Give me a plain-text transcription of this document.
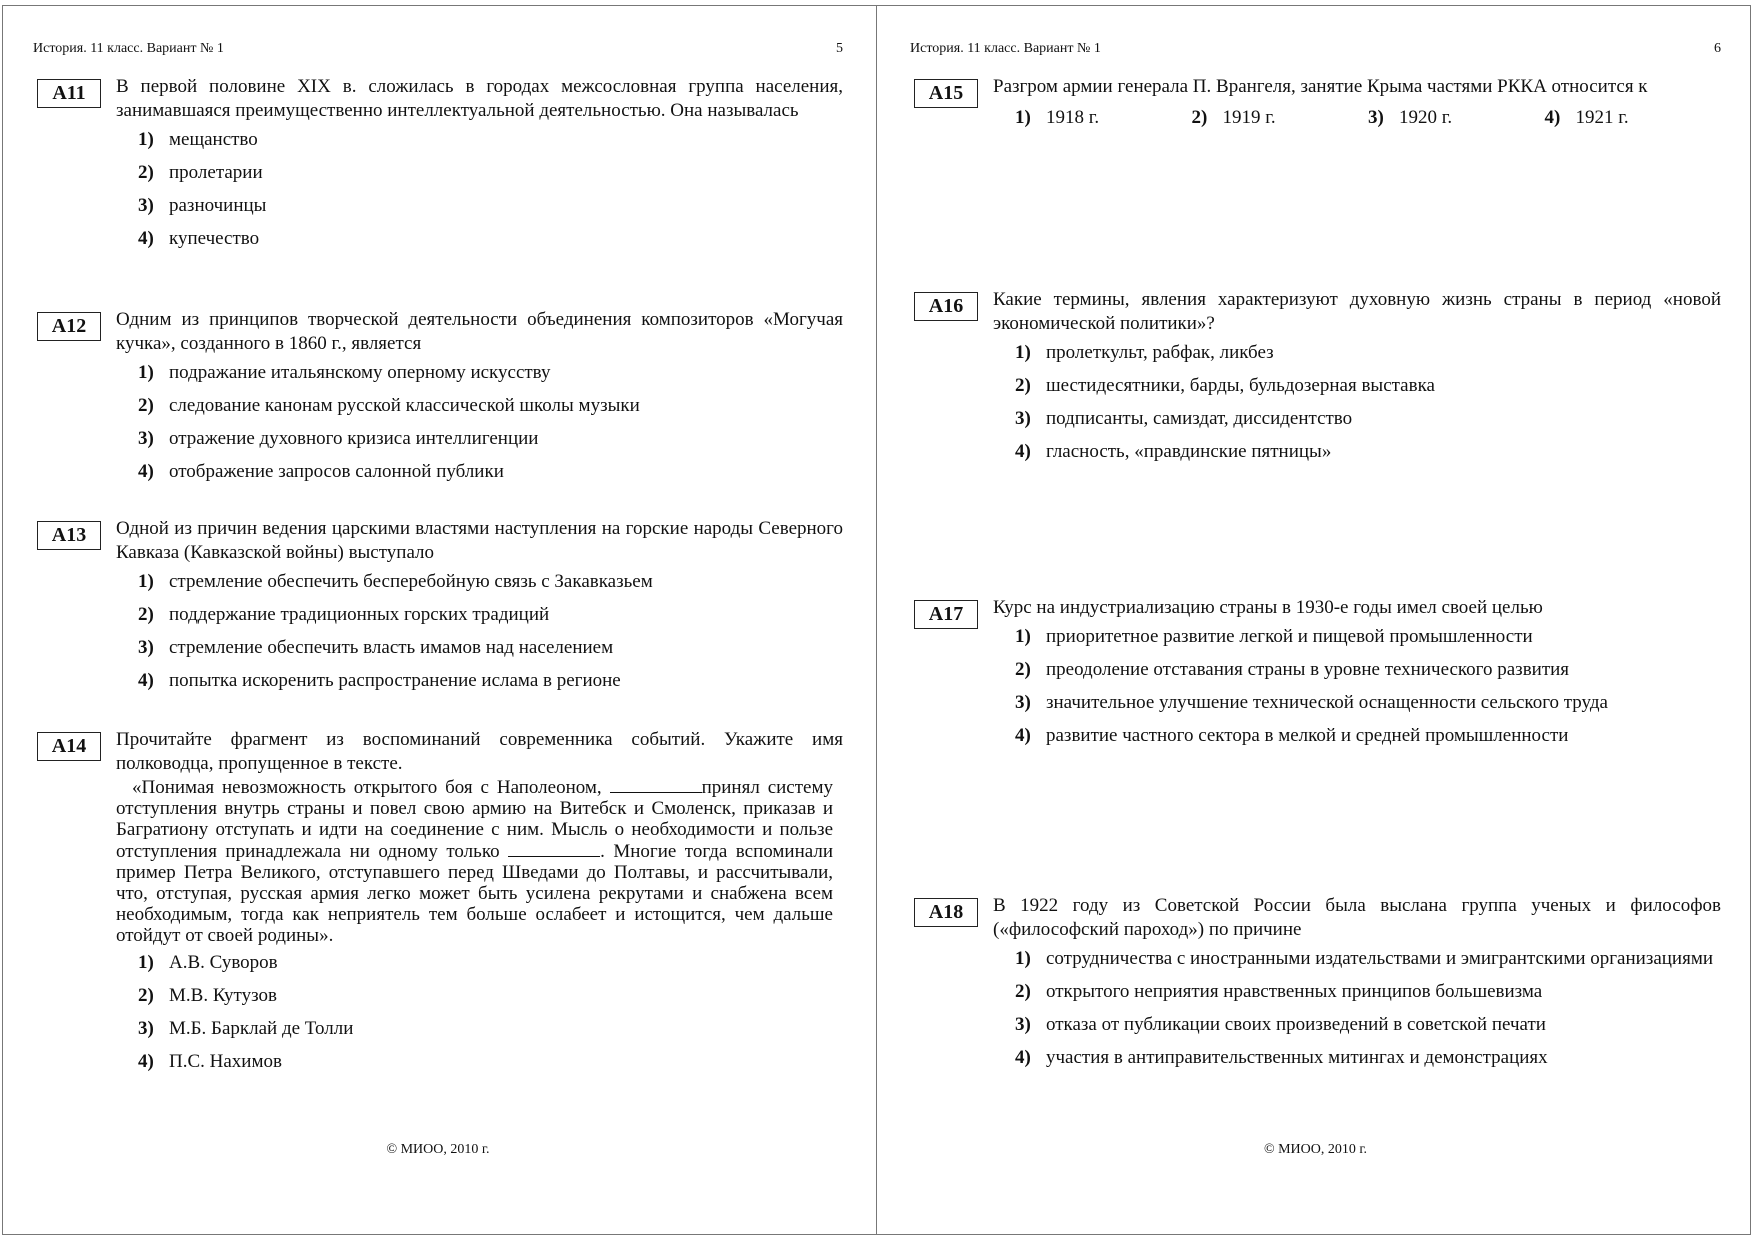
История. 11 класс. Вариант № 1	5
А11	В первой половине XIX в. сложилась в городах межсословная группа населения, занимавшаяся преимущественно интеллектуальной деятельностью. Она называлась
1) мещанство
2) пролетарии
3) разночинцы
4) купечество
А12	Одним из принципов творческой деятельности объединения композиторов «Могучая кучка», созданного в 1860 г., является
1) подражание итальянскому оперному искусству
2) следование канонам русской классической школы музыки
3) отражение духовного кризиса интеллигенции
4) отображение запросов салонной публики
А13	Одной из причин ведения царскими властями наступления на горские народы Северного Кавказа (Кавказской войны) выступало
1) стремление обеспечить бесперебойную связь с Закавказьем
2) поддержание традиционных горских традиций
3) стремление обеспечить власть имамов над населением
4) попытка искоренить распространение ислама в регионе
А14	Прочитайте фрагмент из воспоминаний современника событий. Укажите имя полководца, пропущенное в тексте.
«Понимая невозможность открытого боя с Наполеоном,	принял систему отступления внутрь страны и повел свою армию на Витебск и Смоленск, приказав и Багратиону отступать и идти на соединение с ним. Мысль о необходимости и пользе отступления принадлежала ни одному только	. Многие тогда вспоминали пример Петра Великого, отступавшего перед Шведами до Полтавы, и рассчитывали, что, отступая, русская армия легко может быть усилена рекрутами и снабжена всем необходимым, тогда как неприятель тем больше ослабеет и истощится, чем дальше отойдут от своей родины».
1) А.В. Суворов
2) М.В. Кутузов
3) М.Б. Барклай де Толли
4) П.С. Нахимов
© МИОО, 2010 г.
История. 11 класс. Вариант № 1	6
А15	Разгром армии генерала П. Врангеля, занятие Крыма частями РККА относится к
1) 1918 г.	2) 1919 г.	3) 1920 г.	4) 1921 г.
А16	Какие термины, явления характеризуют духовную жизнь страны в период «новой экономической политики»?
1) пролеткульт, рабфак, ликбез
2) шестидесятники, барды, бульдозерная выставка
3) подписанты, самиздат, диссидентство
4) гласность, «правдинские пятницы»
А17	Курс на индустриализацию страны в 1930-е годы имел своей целью
1) приоритетное развитие легкой и пищевой промышленности
2) преодоление отставания страны в уровне технического развития
3) значительное улучшение технической оснащенности сельского труда
4) развитие частного сектора в мелкой и средней промышленности
А18	В 1922 году из Советской России была выслана группа ученых и философов («философский пароход») по причине
1) сотрудничества с иностранными издательствами и эмигрантскими организациями
2) открытого неприятия нравственных принципов большевизма
3) отказа от публикации своих произведений в советской печати
4) участия в антиправительственных митингах и демонстрациях
© МИОО, 2010 г.
